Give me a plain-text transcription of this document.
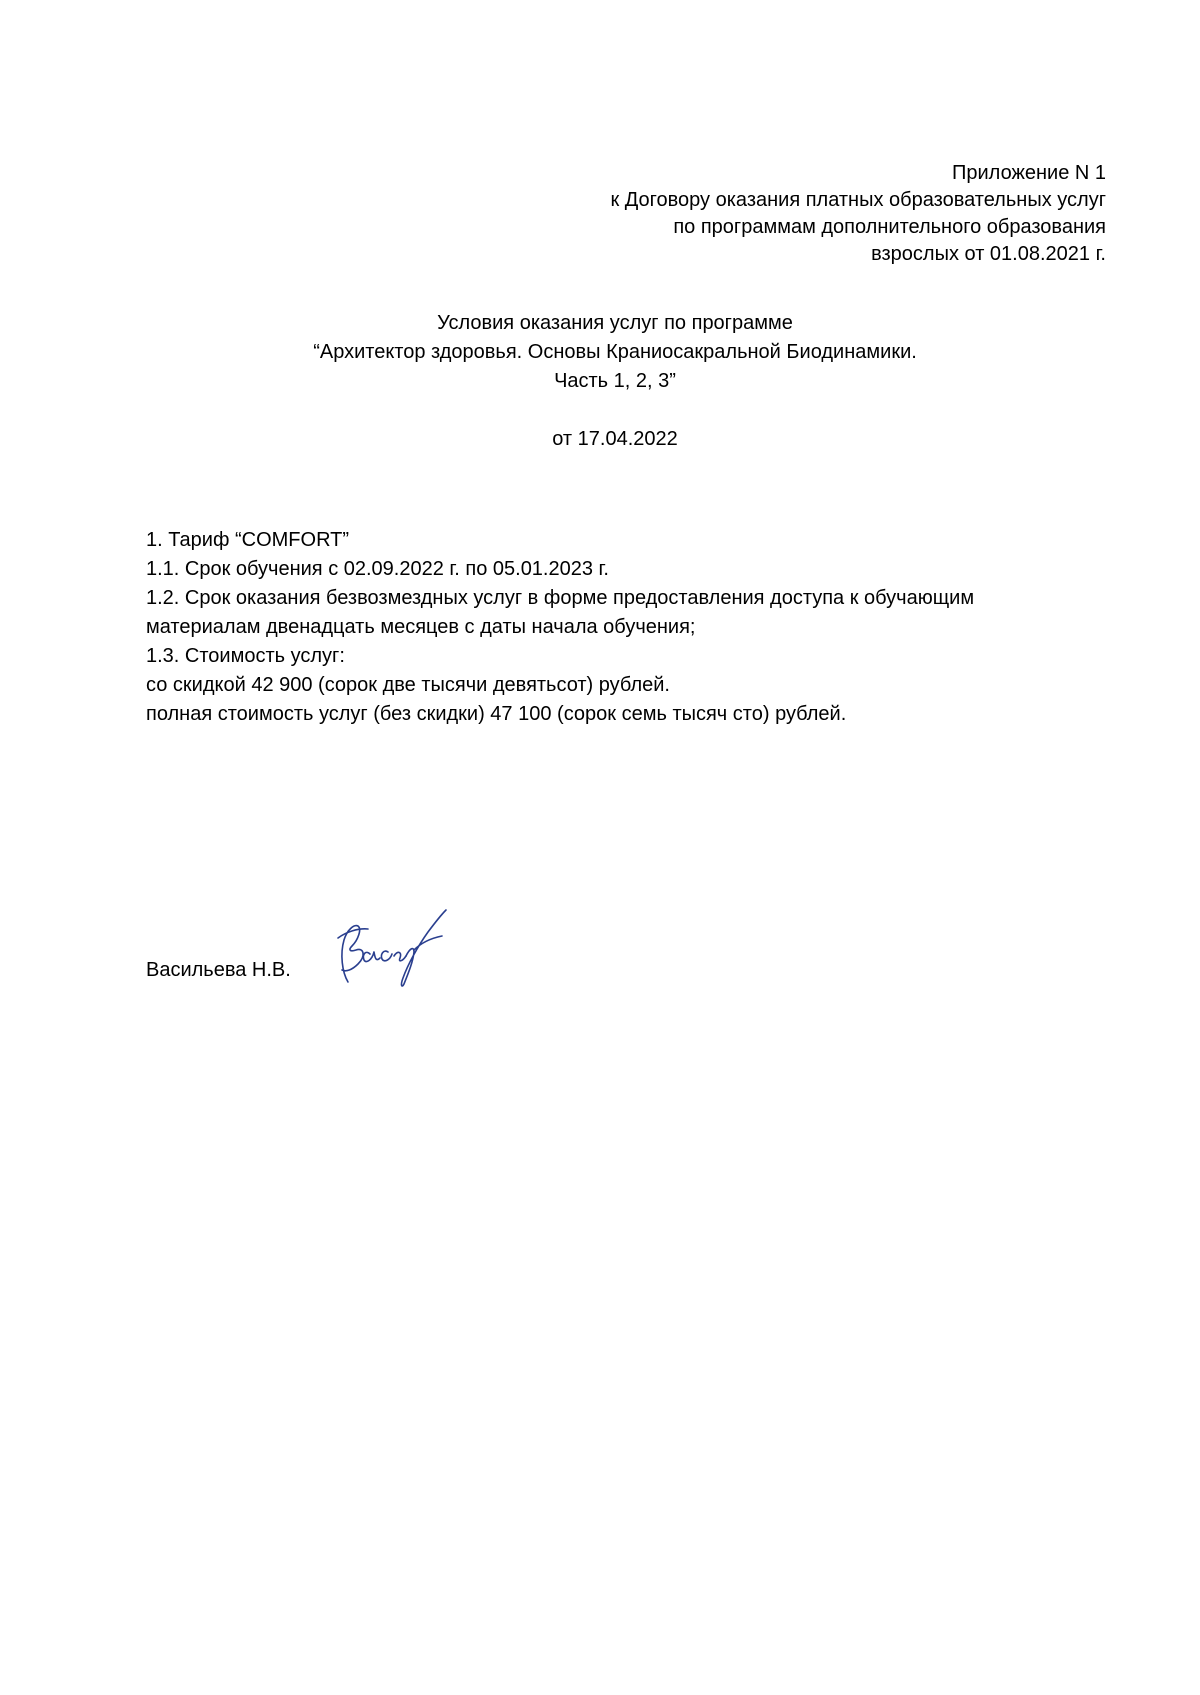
Приложение N 1
к Договору оказания платных образовательных услуг
по программам дополнительного образования
взрослых от 01.08.2021 г.
Условия оказания услуг по программе
“Архитектор здоровья. Основы Краниосакральной Биодинамики.
Часть 1, 2, 3”
от 17.04.2022
1. Тариф “COMFORT”
1.1. Срок обучения с 02.09.2022 г. по 05.01.2023 г.
1.2. Срок оказания безвозмездных услуг в форме предоставления доступа к обучающим
материалам двенадцать месяцев с даты начала обучения;
1.3. Стоимость услуг:
со скидкой 42 900 (сорок две тысячи девятьсот) рублей.
полная стоимость услуг (без скидки) 47 100 (сорок семь тысяч сто) рублей.
Васильева Н.В.
